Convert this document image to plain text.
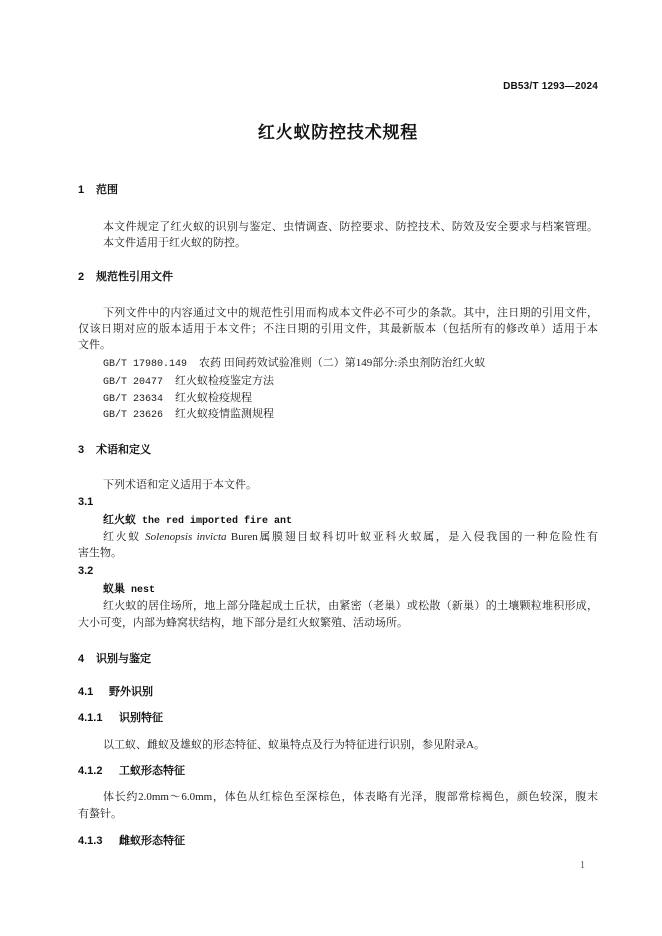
DB53/T 1293—2024
红火蚁防控技术规程
1 范围
本文件规定了红火蚁的识别与鉴定、虫情调查、防控要求、防控技术、防效及安全要求与档案管理。
本文件适用于红火蚁的防控。
2 规范性引用文件
下列文件中的内容通过文中的规范性引用而构成本文件必不可少的条款。其中，注日期的引用文件，
仅该日期对应的版本适用于本文件；不注日期的引用文件，其最新版本（包括所有的修改单）适用于本
文件。
GB/T 17980.149 农药 田间药效试验准则（二）第149部分:杀虫剂防治红火蚁
GB/T 20477 红火蚁检疫鉴定方法
GB/T 23634 红火蚁检疫规程
GB/T 23626 红火蚁疫情监测规程
3 术语和定义
下列术语和定义适用于本文件。
3.1
红火蚁 the red imported fire ant
红火蚁 Solenopsis invicta Buren属膜翅目蚁科切叶蚁亚科火蚁属，是入侵我国的一种危险性有
害生物。
3.2
蚁巢 nest
红火蚁的居住场所，地上部分隆起成土丘状，由紧密（老巢）或松散（新巢）的土壤颗粒堆积形成，
大小可变，内部为蜂窝状结构，地下部分是红火蚁繁殖、活动场所。
4 识别与鉴定
4.1 野外识别
4.1.1 识别特征
以工蚁、雌蚁及雄蚁的形态特征、蚁巢特点及行为特征进行识别，参见附录A。
4.1.2 工蚁形态特征
体长约2.0mm～6.0mm，体色从红棕色至深棕色，体表略有光泽，腹部常棕褐色，颜色较深，腹末
有螯针。
4.1.3 雌蚁形态特征
1
